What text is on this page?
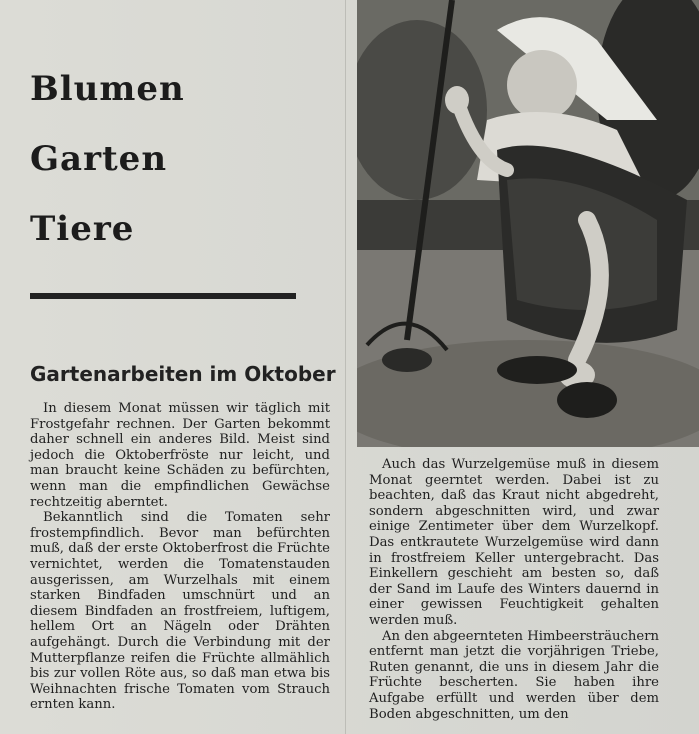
Blumen
Garten
Tiere
Gartenarbeiten im Oktober

In diesem Monat müssen wir täglich mit Frostgefahr rechnen. Der Garten bekommt daher schnell ein anderes Bild. Meist sind jedoch die Oktoberfröste nur leicht, und man braucht keine Schäden zu befürchten, wenn man die empfindlichen Gewächse rechtzeitig aberntet.

Bekanntlich sind die Tomaten sehr frostempfindlich. Bevor man befürchten muß, daß der erste Oktoberfrost die Früchte vernichtet, werden die Tomatenstauden ausgerissen, am Wurzelhals mit einem starken Bindfaden umschnürt und an diesem Bindfaden an frostfreiem, luftigem, hellem Ort an Nägeln oder Drähten aufgehängt. Durch die Verbindung mit der Mutterpflanze reifen die Früchte allmählich bis zur vollen Röte aus, so daß man etwa bis Weihnachten frische Tomaten vom Strauch ernten kann.

Auch das Wurzelgemüse muß in diesem Monat geerntet werden. Dabei ist zu beachten, daß das Kraut nicht abgedreht, sondern abgeschnitten wird, und zwar einige Zentimeter über dem Wurzelkopf. Das entkrautete Wurzelgemüse wird dann in frostfreiem Keller untergebracht. Das Einkellern geschieht am besten so, daß der Sand im Laufe des Winters dauernd in einer gewissen Feuchtigkeit gehalten werden muß.

An den abgeernteten Himbeersträuchern entfernt man jetzt die vorjährigen Triebe, Ruten genannt, die uns in diesem Jahr die Früchte bescherten. Sie haben ihre Aufgabe erfüllt und werden über dem Boden abgeschnitten, um den
